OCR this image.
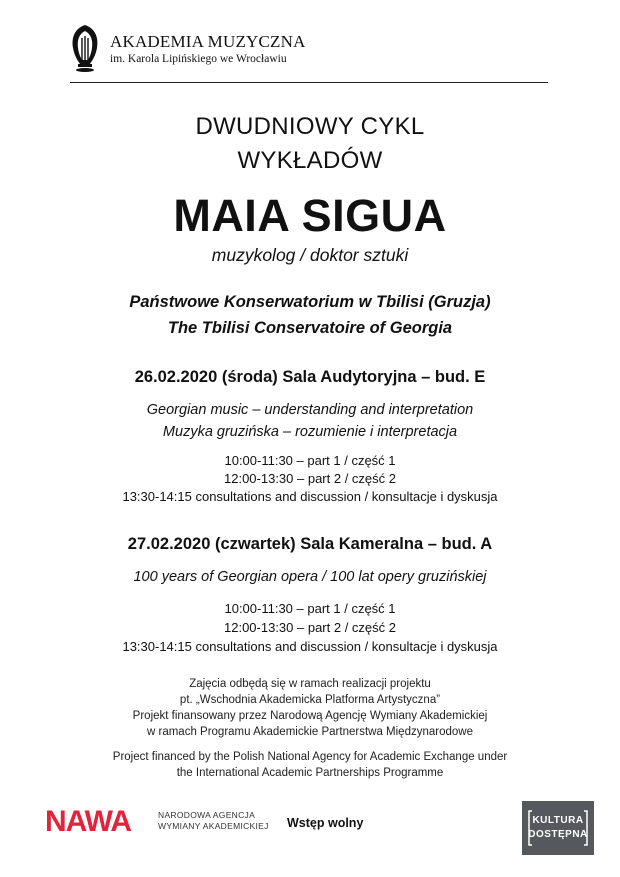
AKADEMIA MUZYCZNA
im. Karola Lipińskiego we Wrocławiu
DWUDNIOWY CYKL
WYKŁADÓW
MAIA SIGUA
muzykolog / doktor sztuki
Państwowe Konserwatorium w Tbilisi (Gruzja)
The Tbilisi Conservatoire of Georgia
26.02.2020 (środa) Sala Audytoryjna – bud. E
Georgian music – understanding and interpretation
Muzyka gruzińska – rozumienie i interpretacja
10:00-11:30 – part 1 / część 1
12:00-13:30 – part 2 / część 2
13:30-14:15 consultations and discussion / konsultacje i dyskusja
27.02.2020 (czwartek) Sala Kameralna – bud. A
100 years of Georgian opera / 100 lat opery gruzińskiej
10:00-11:30 – part 1 / część 1
12:00-13:30 – part 2 / część 2
13:30-14:15 consultations and discussion / konsultacje i dyskusja
Zajęcia odbędą się w ramach realizacji projektu
pt. „Wschodnia Akademicka Platforma Artystyczna”
Projekt finansowany przez Narodową Agencję Wymiany Akademickiej
w ramach Programu Akademickie Partnerstwa Międzynarodowe
Project financed by the Polish National Agency for Academic Exchange under
the International Academic Partnerships Programme
NAWA	NARODOWA AGENCJA
WYMIANY AKADEMICKIEJ Wstęp wolny	KULTURA
DOSTĘPNA
